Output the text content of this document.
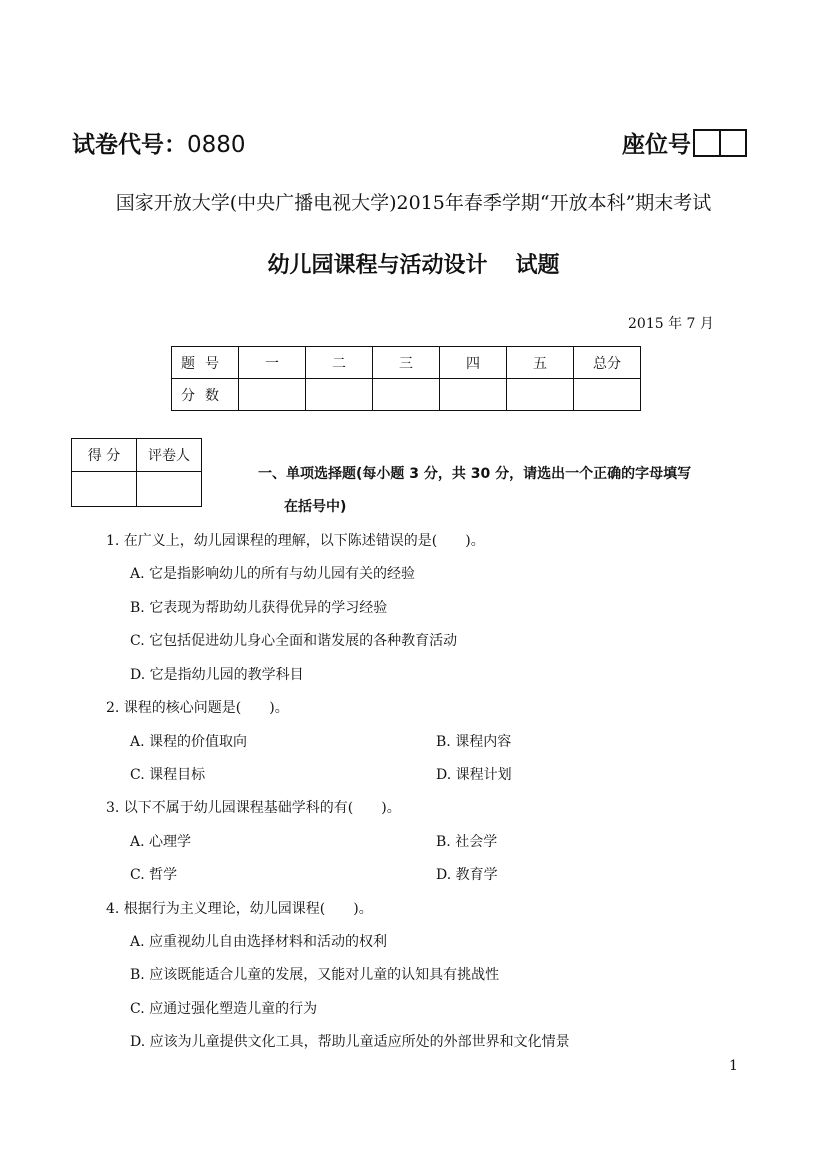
试卷代号：0880	座位号
国家开放大学(中央广播电视大学)2015年春季学期“开放本科”期末考试
幼儿园课程与活动设计 试题
2015 年 7 月
题号	一	二	三	四	五	总分
分数						
得 分	评卷人

一、单项选择题(每小题 3 分，共 30 分，请选出一个正确的字母填写
在括号中)
1. 在广义上，幼儿园课程的理解，以下陈述错误的是(　　)。
A. 它是指影响幼儿的所有与幼儿园有关的经验
B. 它表现为帮助幼儿获得优异的学习经验
C. 它包括促进幼儿身心全面和谐发展的各种教育活动
D. 它是指幼儿园的教学科目
2. 课程的核心问题是(　　)。
A. 课程的价值取向	B. 课程内容
C. 课程目标	D. 课程计划
3. 以下不属于幼儿园课程基础学科的有(　　)。
A. 心理学	B. 社会学
C. 哲学	D. 教育学
4. 根据行为主义理论，幼儿园课程(　　)。
A. 应重视幼儿自由选择材料和活动的权利
B. 应该既能适合儿童的发展，又能对儿童的认知具有挑战性
C. 应通过强化塑造儿童的行为
D. 应该为儿童提供文化工具，帮助儿童适应所处的外部世界和文化情景
1
